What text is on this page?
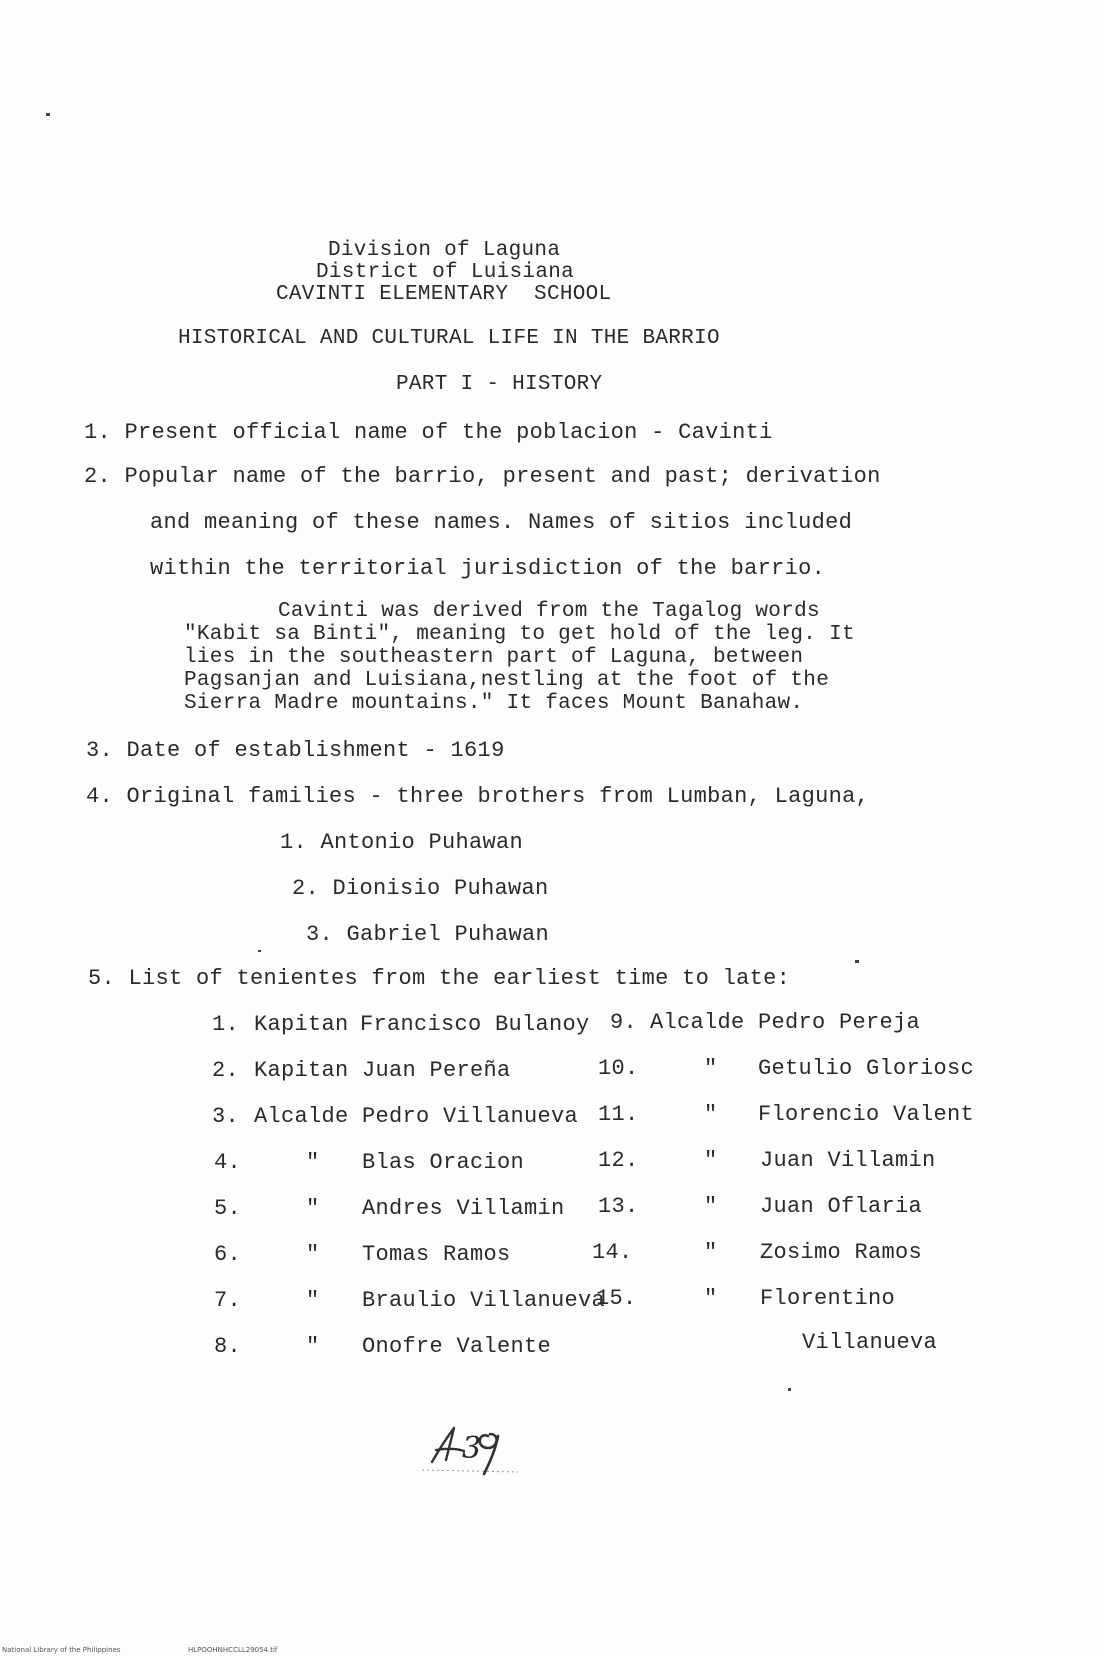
Division of Laguna
District of Luisiana
CAVINTI ELEMENTARY  SCHOOL
HISTORICAL AND CULTURAL LIFE IN THE BARRIO
PART I - HISTORY
1. Present official name of the poblacion - Cavinti
2. Popular name of the barrio, present and past; derivation
and meaning of these names. Names of sitios included
within the territorial jurisdiction of the barrio.
Cavinti was derived from the Tagalog words
"Kabit sa Binti", meaning to get hold of the leg. It
lies in the southeastern part of Laguna, between
Pagsanjan and Luisiana,nestling at the foot of the
Sierra Madre mountains." It faces Mount Banahaw.
3. Date of establishment - 1619
4. Original families - three brothers from Lumban, Laguna,
1. Antonio Puhawan
2. Dionisio Puhawan
3. Gabriel Puhawan
5. List of tenientes from the earliest time to late:
1. Kapitan Francisco Bulanoy
2. Kapitan Juan Pereña
3. Alcalde Pedro Villanueva
4.	" Blas Oracion
5.	" Andres Villamin
6.	" Tomas Ramos
7.	" Braulio Villanueva
8.	" Onofre Valente
9. Alcalde Pedro Pereja
10.	" Getulio Gloriosc
11.	" Florencio Valent
12.	" Juan Villamin
13.	" Juan Oflaria
14.	" Zosimo Ramos
15.	" Florentino
Villanueva
3
National Library of the Philippines	HLPOOHNHCCLL29054.tif
